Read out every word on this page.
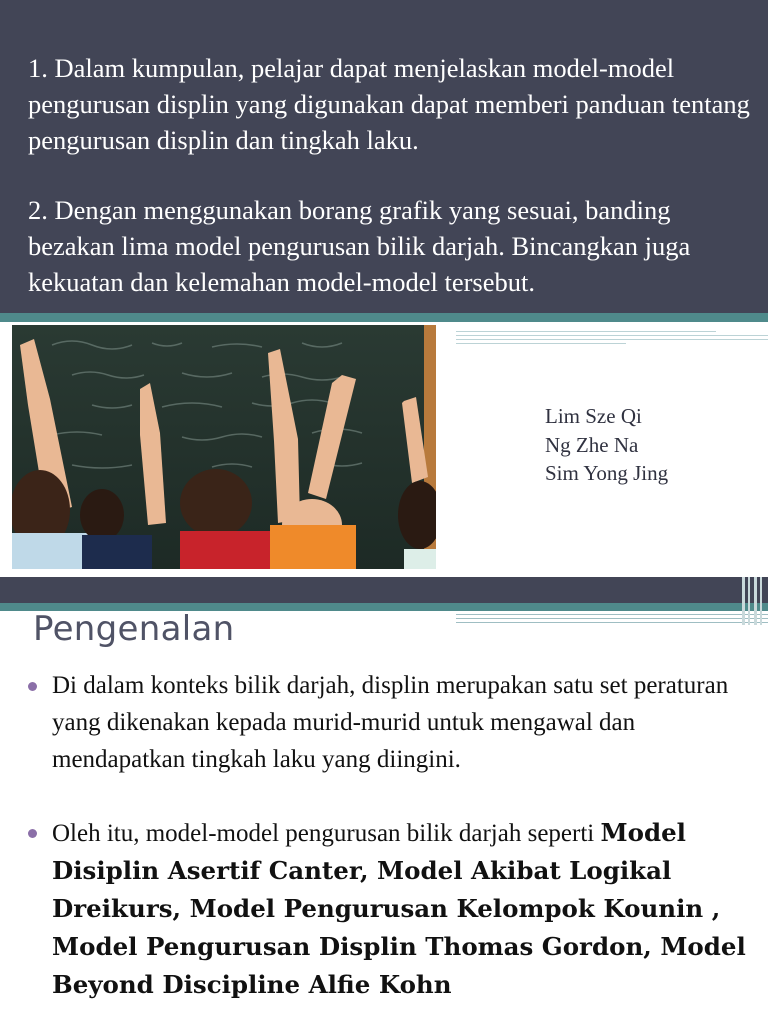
1. Dalam kumpulan, pelajar dapat menjelaskan model-model pengurusan displin yang digunakan dapat memberi panduan tentang pengurusan displin dan tingkah laku.

2. Dengan menggunakan borang grafik yang sesuai, banding bezakan lima model pengurusan bilik darjah. Bincangkan juga kekuatan dan kelemahan model-model tersebut.

Lim Sze Qi
Ng Zhe Na
Sim Yong Jing
Pengenalan
Di dalam konteks bilik darjah, displin merupakan satu set peraturan yang dikenakan kepada murid-murid untuk mengawal dan mendapatkan tingkah laku yang diingini.
Oleh itu, model-model pengurusan bilik darjah seperti Model Disiplin Asertif Canter, Model Akibat Logikal Dreikurs, Model Pengurusan Kelompok Kounin , Model Pengurusan Displin Thomas Gordon, Model Beyond Discipline Alfie Kohn
